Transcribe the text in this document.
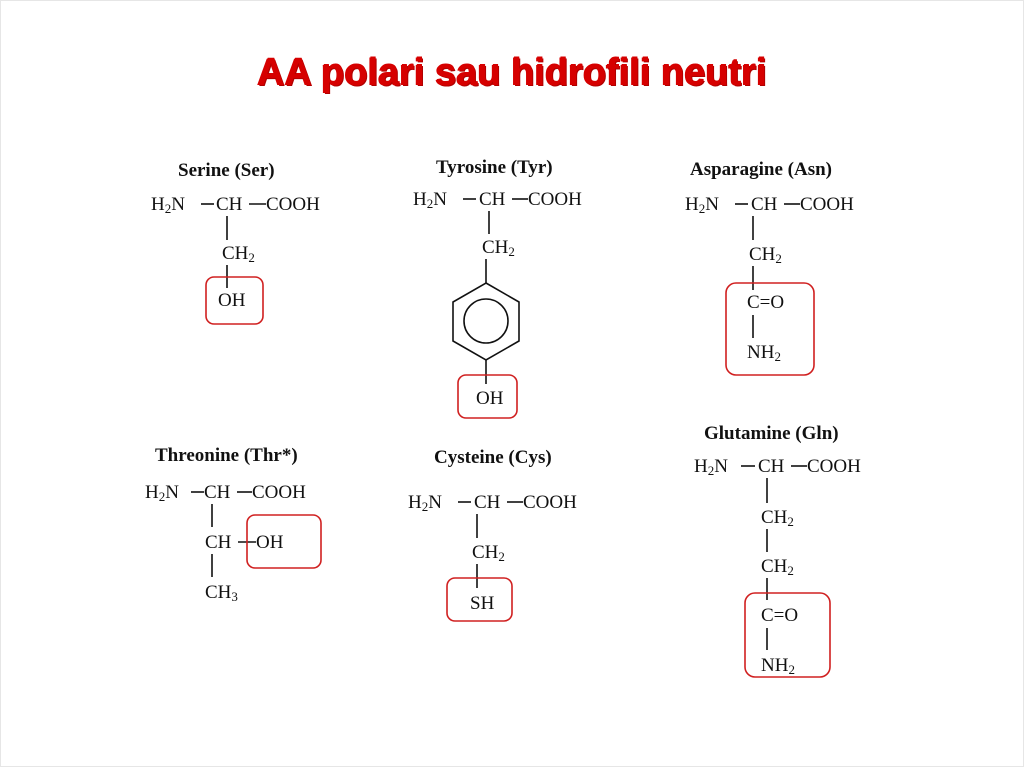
AA polari sau hidrofili neutri
Serine (Ser)
H2N CH COOH
CH2
OH
Tyrosine (Tyr)
H2N CH COOH
CH2
OH
Asparagine (Asn)
H2N CH COOH
CH2
C=O
NH2
Threonine (Thr*)
H2N CH COOH
CH OH
CH3
Cysteine (Cys)
H2N CH COOH
CH2
SH
Glutamine (Gln)
H2N CH COOH
CH2
CH2
C=O
NH2
